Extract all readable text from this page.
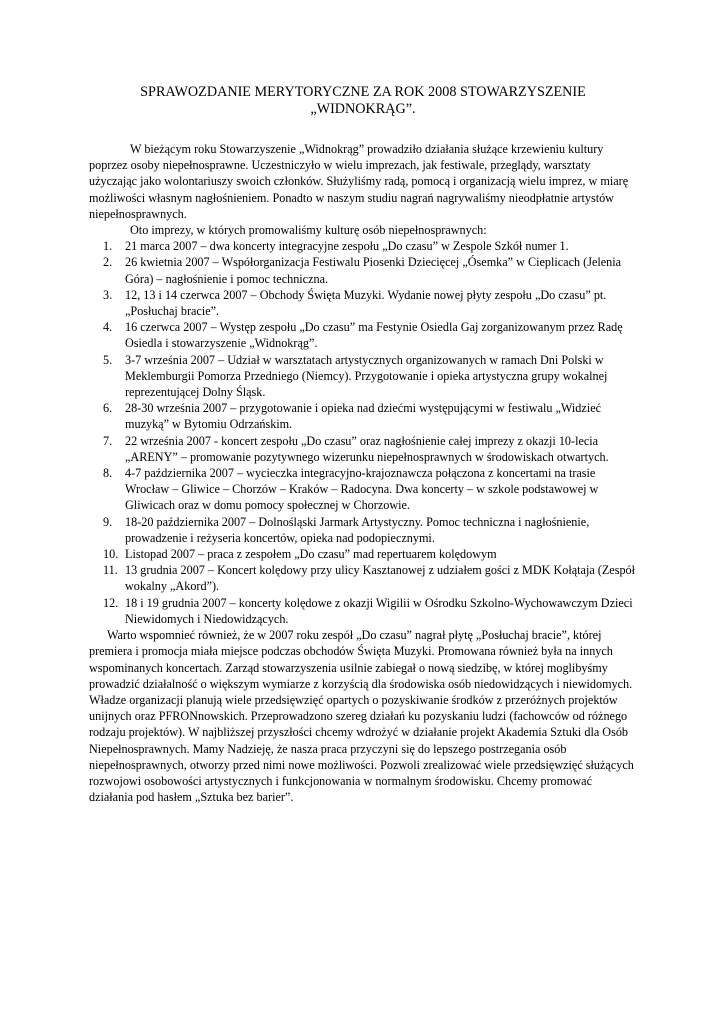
SPRAWOZDANIE MERYTORYCZNE ZA ROK 2008 STOWARZYSZENIE
„WIDNOKRĄG”.

W bieżącym roku Stowarzyszenie „Widnokrąg” prowadziło działania służące krzewieniu kultury poprzez osoby niepełnosprawne. Uczestniczyło w wielu imprezach, jak festiwale, przeglądy, warsztaty użyczając jako wolontariuszy swoich członków. Służyliśmy radą, pomocą i organizacją wielu imprez, w miarę możliwości własnym nagłośnieniem. Ponadto w naszym studiu nagrań nagrywaliśmy nieodpłatnie artystów niepełnosprawnych.

Oto imprezy, w których promowaliśmy kulturę osób niepełnosprawnych:

1. 21 marca 2007 – dwa koncerty integracyjne zespołu „Do czasu” w Zespole Szkół numer 1.
2. 26 kwietnia 2007 – Współorganizacja Festiwalu Piosenki Dziecięcej „Ósemka” w Cieplicach (Jelenia Góra) – nagłośnienie i pomoc techniczna.
3. 12, 13 i 14 czerwca 2007 – Obchody Święta Muzyki. Wydanie nowej płyty zespołu „Do czasu” pt. „Posłuchaj bracie”.
4. 16 czerwca 2007 – Występ zespołu „Do czasu” ma Festynie Osiedla Gaj zorganizowanym przez Radę Osiedla i stowarzyszenie „Widnokrąg”.
5. 3-7 września 2007 – Udział w warsztatach artystycznych organizowanych w ramach Dni Polski w Meklemburgii Pomorza Przedniego (Niemcy). Przygotowanie i opieka artystyczna grupy wokalnej reprezentującej Dolny Śląsk.
6. 28-30 września 2007 – przygotowanie i opieka nad dziećmi występującymi w festiwalu „Widzieć muzyką” w Bytomiu Odrzańskim.
7. 22 września 2007 - koncert zespołu „Do czasu” oraz nagłośnienie całej imprezy z okazji 10-lecia „ARENY” – promowanie pozytywnego wizerunku niepełnosprawnych w środowiskach otwartych.
8. 4-7 października 2007 – wycieczka integracyjno-krajoznawcza połączona z koncertami na trasie Wrocław – Gliwice – Chorzów – Kraków – Radocyna. Dwa koncerty – w szkole podstawowej w Gliwicach oraz w domu pomocy społecznej w Chorzowie.
9. 18-20 października 2007 – Dolnośląski Jarmark Artystyczny. Pomoc techniczna i nagłośnienie, prowadzenie i reżyseria koncertów, opieka nad podopiecznymi.
10. Listopad 2007 – praca z zespołem „Do czasu” mad repertuarem kolędowym
11. 13 grudnia 2007 – Koncert kolędowy przy ulicy Kasztanowej z udziałem gości z MDK Kołątaja (Zespół wokalny „Akord”).
12. 18 i 19 grudnia 2007 – koncerty kolędowe z okazji Wigilii w Ośrodku Szkolno-Wychowawczym Dzieci Niewidomych i Niedowidzących.

Warto wspomnieć również, że w 2007 roku zespół „Do czasu” nagrał płytę „Posłuchaj bracie”, której premiera i promocja miała miejsce podczas obchodów Święta Muzyki. Promowana również była na innych wspominanych koncertach. Zarząd stowarzyszenia usilnie zabiegał o nową siedzibę, w której moglibyśmy prowadzić działalność o większym wymiarze z korzyścią dla środowiska osób niedowidzących i niewidomych. Władze organizacji planują wiele przedsięwzięć opartych o pozyskiwanie środków z przeróżnych projektów unijnych oraz PFRONnowskich. Przeprowadzono szereg działań ku pozyskaniu ludzi (fachowców od różnego rodzaju projektów). W najbliższej przyszłości chcemy wdrożyć w działanie projekt Akademia Sztuki dla Osób Niepełnosprawnych. Mamy Nadzieję, że nasza praca przyczyni się do lepszego postrzegania osób niepełnosprawnych, otworzy przed nimi nowe możliwości. Pozwoli zrealizować wiele przedsięwzięć służących rozwojowi osobowości artystycznych i funkcjonowania w normalnym środowisku. Chcemy promować działania pod hasłem „Sztuka bez barier”.
